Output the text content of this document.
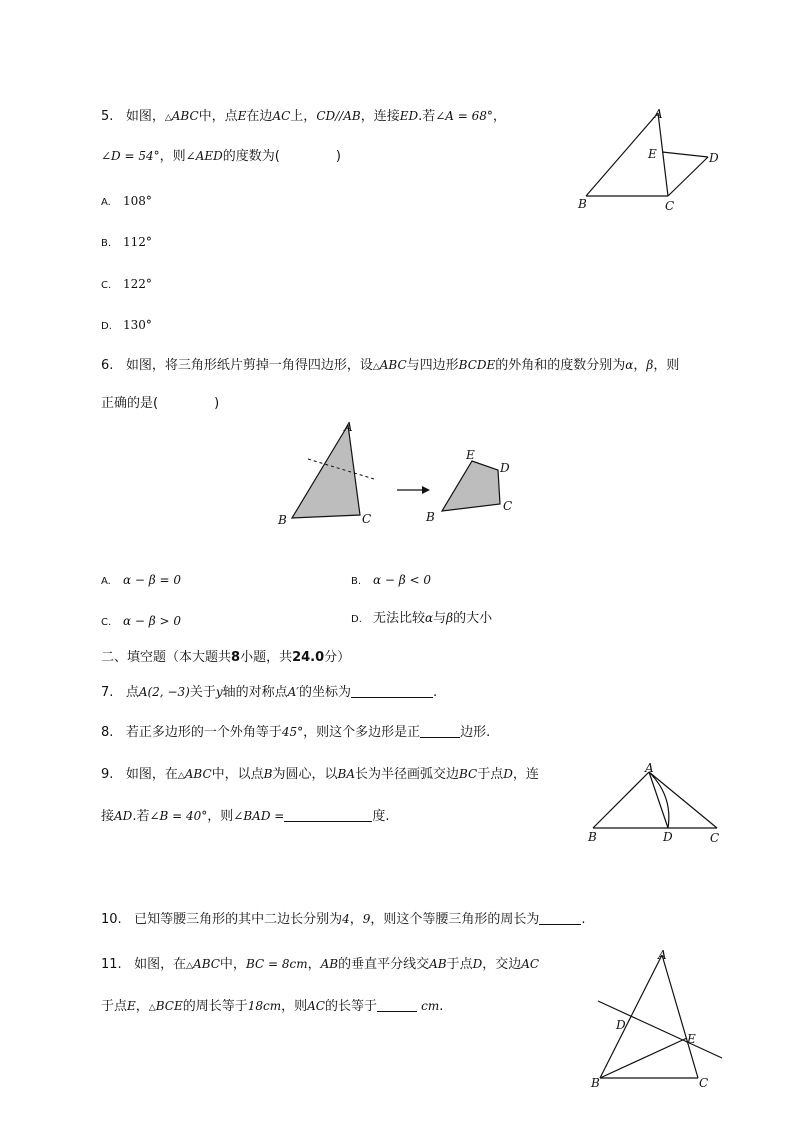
5. 如图，△ABC中，点E在边AC上，CD//AB，连接ED.若∠A = 68°，
∠D = 54°，则∠AED的度数为(	)
A. 108°
B. 112°
C. 122°
D. 130°
A
B	C
D
E
6. 如图，将三角形纸片剪掉一角得四边形，设△ABC与四边形BCDE的外角和的度数分别为α，β，则
正确的是(	)
A
B	C	B
C
D
E
A. α − β = 0	B. α − β < 0
C. α − β > 0	D. 无法比较α与β的大小
二、填空题（本大题共8小题，共24.0分）
7. 点A(2, −3)关于y轴的对称点A′的坐标为	.
8. 若正多边形的一个外角等于45°，则这个多边形是正	边形.
9. 如图，在△ABC中，以点B为圆心，以BA长为半径画弧交边BC于点D，连
接AD.若∠B = 40°，则∠BAD =	度.
A
B	C
D
10. 已知等腰三角形的其中二边长分别为4，9，则这个等腰三角形的周长为	.
11. 如图，在△ABC中，BC = 8cm，AB的垂直平分线交AB于点D，交边AC
于点E，△BCE的周长等于18cm，则AC的长等于	cm.
A
B	C
D
E
